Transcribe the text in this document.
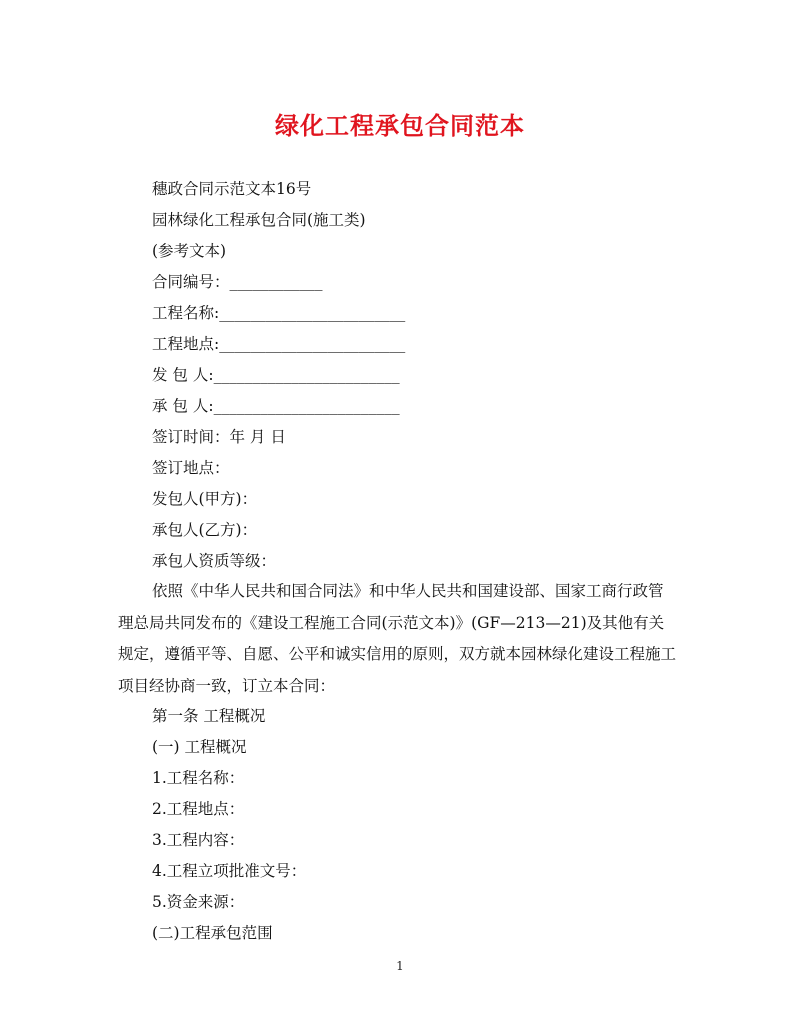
绿化工程承包合同范本
穗政合同示范文本16号
园林绿化工程承包合同(施工类)
(参考文本)
合同编号：____________
工程名称:________________________
工程地点:________________________
发 包 人:________________________
承 包 人:________________________
签订时间：年 月 日
签订地点：
发包人(甲方)：
承包人(乙方)：
承包人资质等级：
依照《中华人民共和国合同法》和中华人民共和国建设部、国家工商行政管理总局共同发布的《建设工程施工合同(示范文本)》(GF—213—21)及其他有关规定，遵循平等、自愿、公平和诚实信用的原则，双方就本园林绿化建设工程施工项目经协商一致，订立本合同：
第一条 工程概况
(一) 工程概况
1.工程名称：
2.工程地点：
3.工程内容：
4.工程立项批准文号：
5.资金来源：
(二)工程承包范围
1
